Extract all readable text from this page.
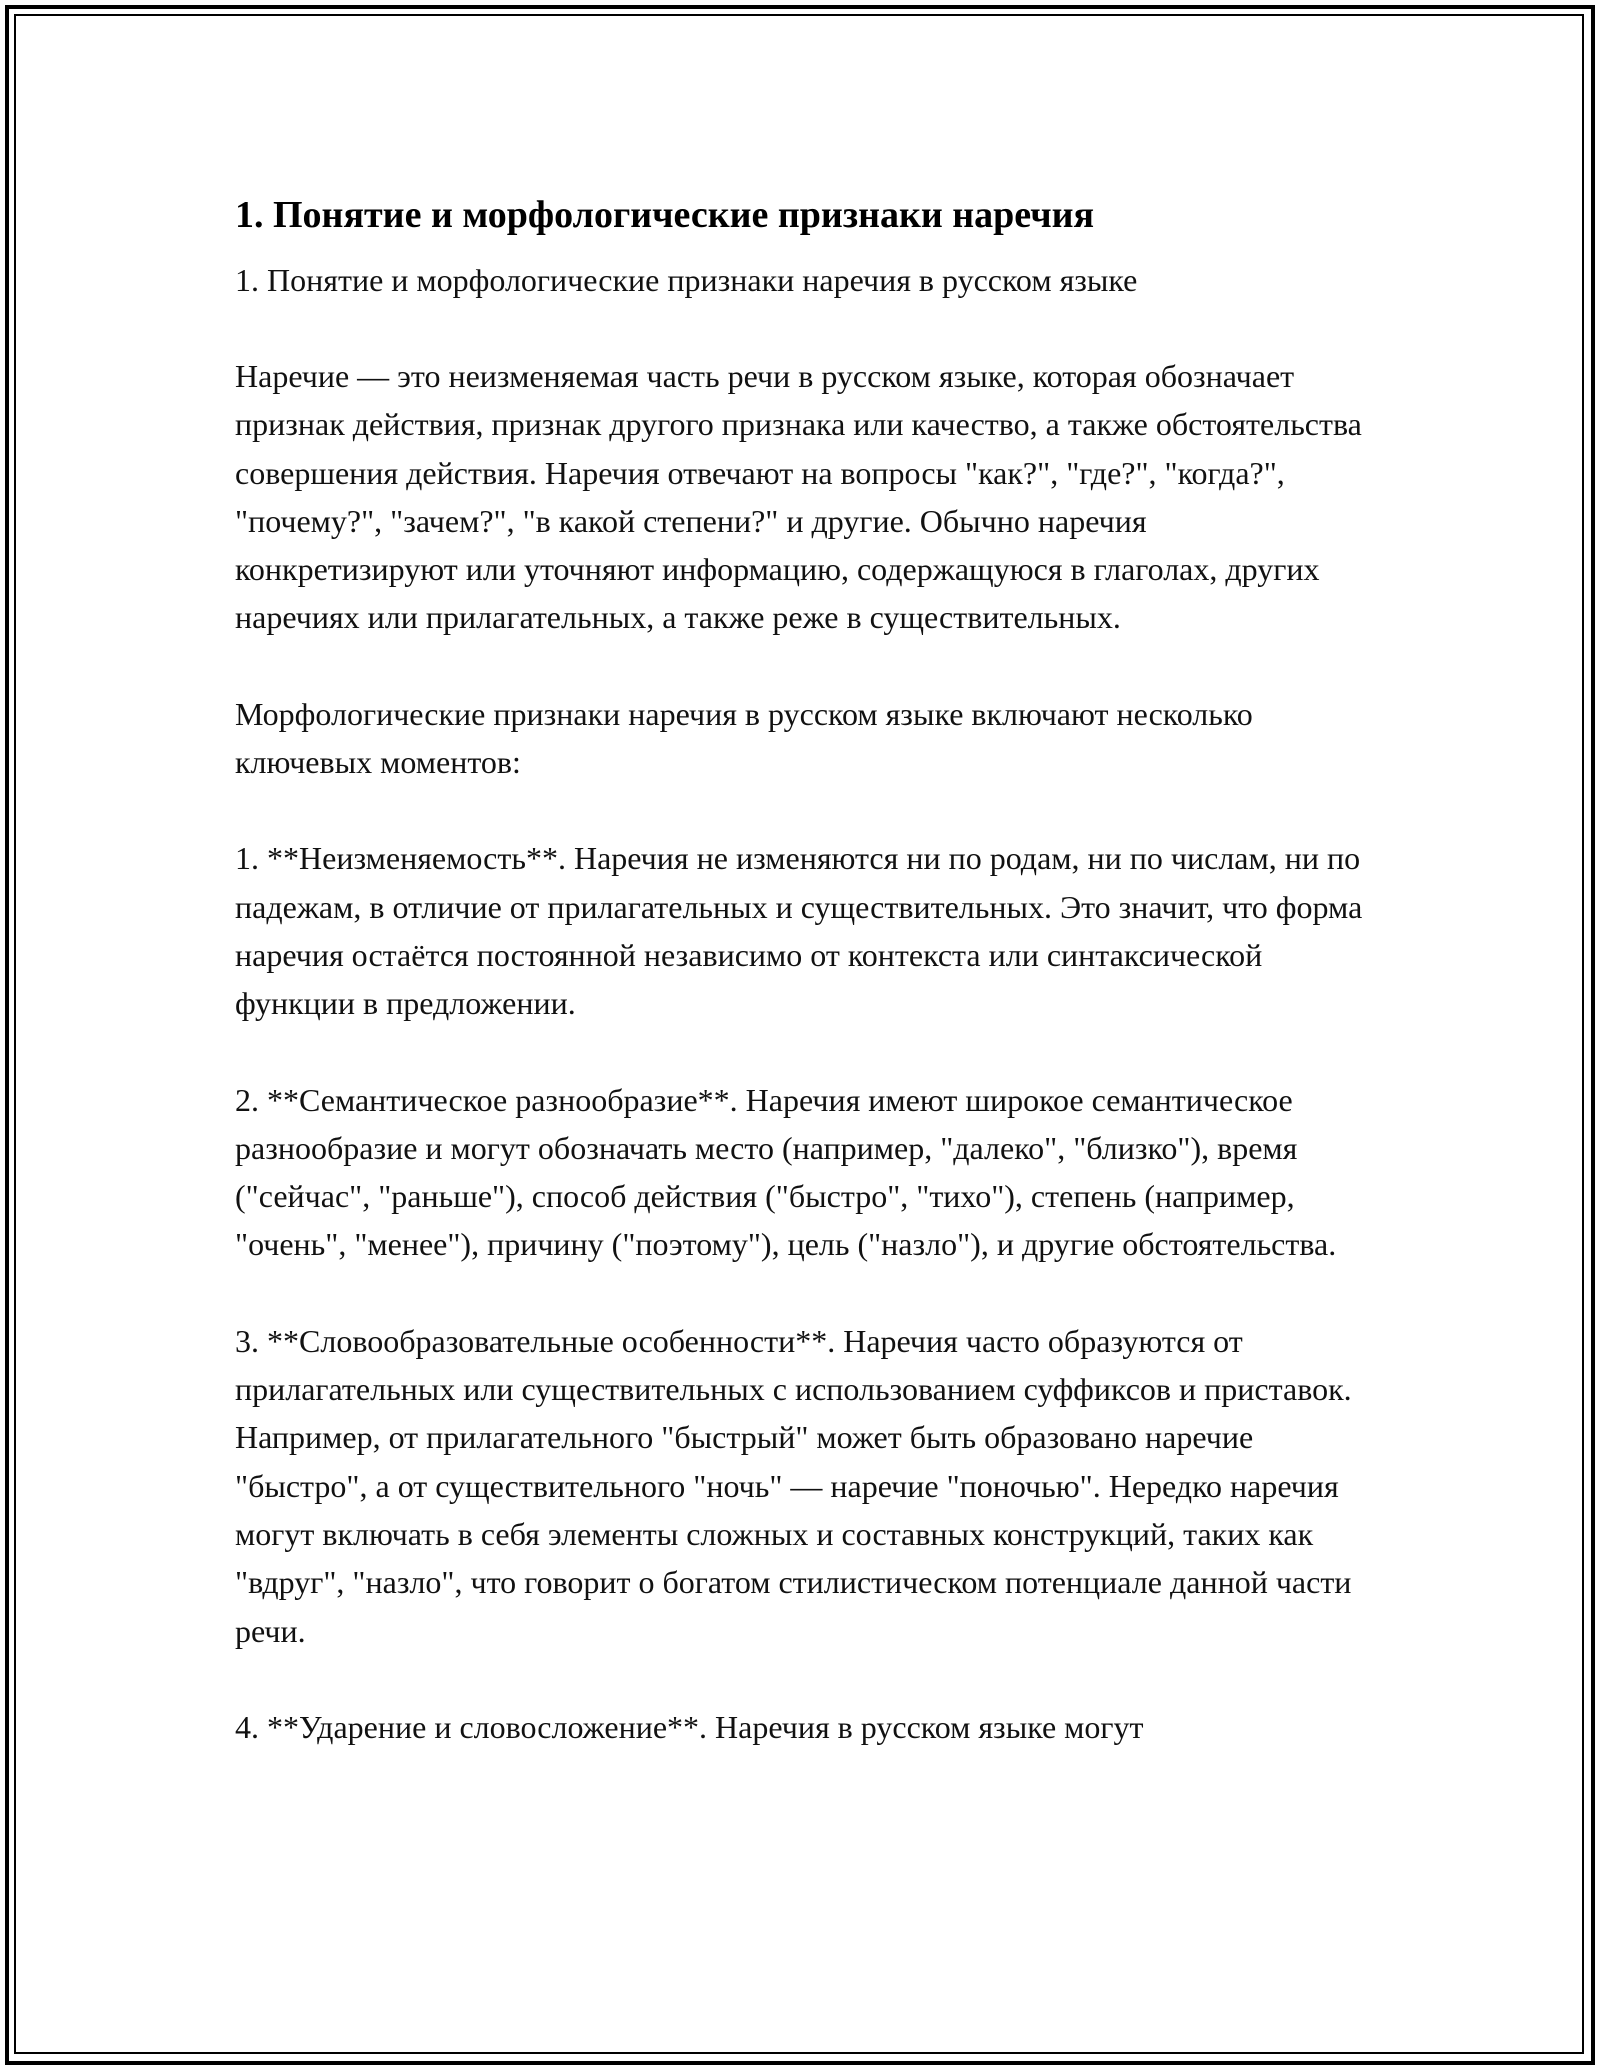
1. Понятие и морфологические признаки наречия

1. Понятие и морфологические признаки наречия в русском языке

Наречие — это неизменяемая часть речи в русском языке, которая обозначает признак действия, признак другого признака или качество, а также обстоятельства совершения действия. Наречия отвечают на вопросы "как?", "где?", "когда?", "почему?", "зачем?", "в какой степени?" и другие. Обычно наречия конкретизируют или уточняют информацию, содержащуюся в глаголах, других наречиях или прилагательных, а также реже в существительных.

Морфологические признаки наречия в русском языке включают несколько ключевых моментов:

1. **Неизменяемость**. Наречия не изменяются ни по родам, ни по числам, ни по падежам, в отличие от прилагательных и существительных. Это значит, что форма наречия остаётся постоянной независимо от контекста или синтаксической функции в предложении.

2. **Семантическое разнообразие**. Наречия имеют широкое семантическое разнообразие и могут обозначать место (например, "далеко", "близко"), время ("сейчас", "раньше"), способ действия ("быстро", "тихо"), степень (например, "очень", "менее"), причину ("поэтому"), цель ("назло"), и другие обстоятельства.

3. **Словообразовательные особенности**. Наречия часто образуются от прилагательных или существительных с использованием суффиксов и приставок. Например, от прилагательного "быстрый" может быть образовано наречие "быстро", а от существительного "ночь" — наречие "поночью". Нередко наречия могут включать в себя элементы сложных и составных конструкций, таких как "вдруг", "назло", что говорит о богатом стилистическом потенциале данной части речи.

4. **Ударение и словосложение**. Наречия в русском языке могут
